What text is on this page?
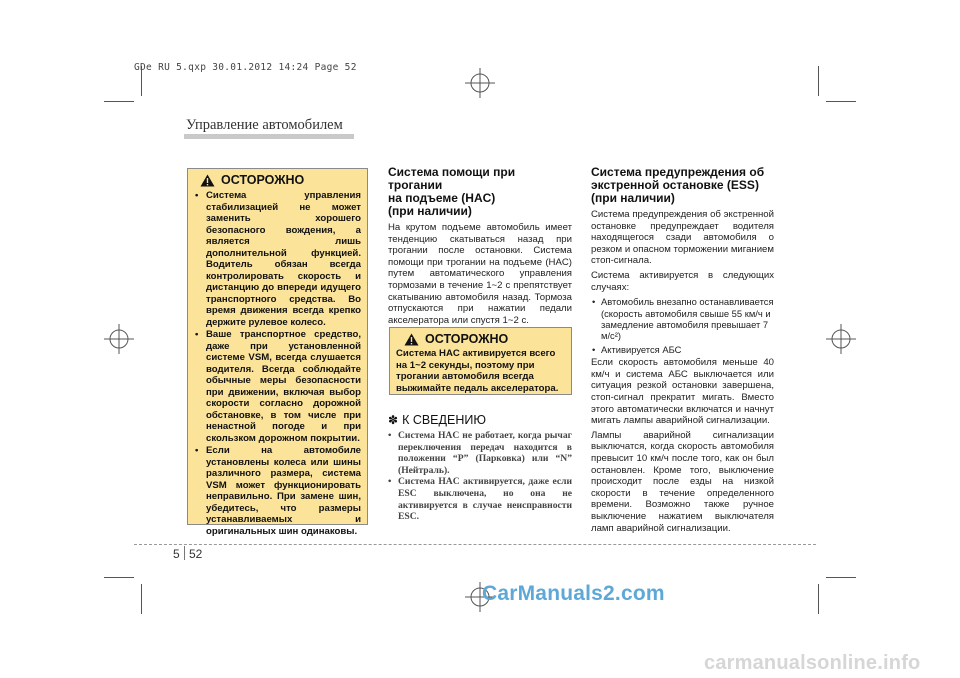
GDe RU 5.qxp 30.01.2012 14:24 Page 52
Управление автомобилем
ОСТОРОЖНО
• Система управления стабилизацией не может заменить хорошего безопасного вождения, а является лишь дополнительной функцией. Водитель обязан всегда контролировать скорость и дистанцию до впереди идущего транспортного средства. Во время движения всегда крепко держите рулевое колесо.
• Ваше транспортное средство, даже при установленной системе VSM, всегда слушается водителя. Всегда соблюдайте обычные меры безопасности при движении, включая выбор скорости согласно дорожной обстановке, в том числе при ненастной погоде и при скользком дорожном покрытии.
• Если на автомобиле установлены колеса или шины различного размера, система VSM может функционировать неправильно. При замене шин, убедитесь, что размеры устанавливаемых и оригинальных шин одинаковы.
Система помощи при трогании
на подъеме (HAC)
(при наличии)

На крутом подъеме автомобиль имеет тенденцию скатываться назад при трогании после остановки. Система помощи при трогании на подъеме (HAC) путем автоматического управления тормозами в течение 1~2 с препятствует скатыванию автомобиля назад. Тормоза отпускаются при нажатии педали акселератора или спустя 1~2 с.

ОСТОРОЖНО

Система HAC активируется всего на 1~2 секунды, поэтому при трогании автомобиля всегда выжимайте педаль акселератора.

✽ К СВЕДЕНИЮ
• Система HAC не работает, когда рычаг переключения передач находится в положении “P” (Парковка) или “N” (Нейтраль).
• Система HAC активируется, даже если ESC выключена, но она не активируется в случае неисправности ESC.
Система предупреждения об
экстренной остановке (ESS)
(при наличии)

Система предупреждения об экстренной остановке предупреждает водителя находящегося сзади автомобиля о резком и опасном торможении миганием стоп-сигнала.

Система активируется в следующих случаях:

• Автомобиль внезапно останавливается (скорость автомобиля свыше 55 км/ч и замедление автомобиля превышает 7 м/с²)
• Активируется АБС

Если скорость автомобиля меньше 40 км/ч и система АБС выключается или ситуация резкой остановки завершена, стоп-сигнал прекратит мигать. Вместо этого автоматически включатся и начнут мигать лампы аварийной сигнализации.

Лампы аварийной сигнализации выключатся, когда скорость автомобиля превысит 10 км/ч после того, как он был остановлен. Кроме того, выключение происходит после езды на низкой скорости в течение определенного времени. Возможно также ручное выключение нажатием выключателя ламп аварийной сигнализации.

5 52
CarManuals2.com
carmanualsonline.info
